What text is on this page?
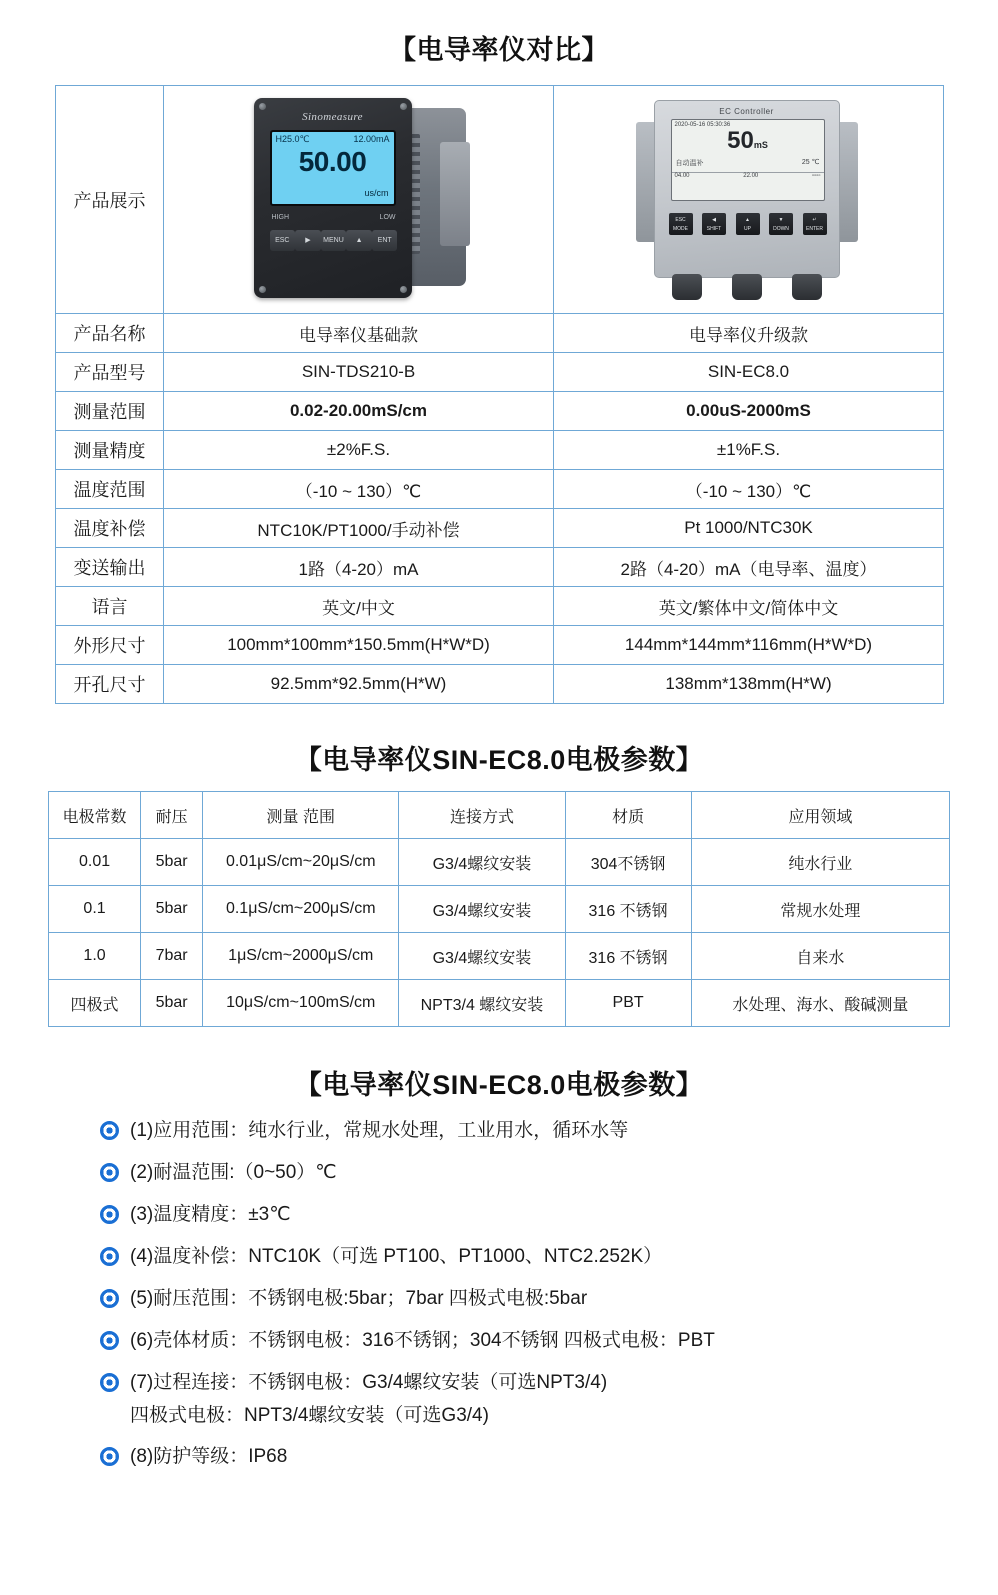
【电导率仪对比】
产品展示	
Sinomeasure
H25.0℃	12.00mA
50.00
us/cm
HIGH	LOW
ESC	▶	MENU	▲	ENT

EC Controller
2020-05-16 05:30:36
50mS
自动温补	25 ℃
04.00	22.00	▫▫▫▫
ESC
MODE
◀
SHIFT
▲
UP
▼
DOWN
↵
ENTER

产品名称	电导率仪基础款	电导率仪升级款
产品型号	SIN-TDS210-B	SIN-EC8.0
测量范围	0.02-20.00mS/cm	0.00uS-2000mS
测量精度	±2%F.S.	±1%F.S.
温度范围	（-10 ~ 130）℃	（-10 ~ 130）℃
温度补偿	NTC10K/PT1000/手动补偿	Pt 1000/NTC30K
变送输出	1路（4-20）mA	2路（4-20）mA（电导率、温度）
语言	英文/中文	英文/繁体中文/简体中文
外形尺寸	100mm*100mm*150.5mm(H*W*D)	144mm*144mm*116mm(H*W*D)
开孔尺寸	92.5mm*92.5mm(H*W)	138mm*138mm(H*W)
【电导率仪SIN-EC8.0电极参数】
电极常数	耐压	测量 范围	连接方式	材质	应用领域
0.01	5bar	0.01μS/cm~20μS/cm	G3/4螺纹安装	304不锈钢	纯水行业
0.1	5bar	0.1μS/cm~200μS/cm	G3/4螺纹安装	316 不锈钢	常规水处理
1.0	7bar	1μS/cm~2000μS/cm	G3/4螺纹安装	316 不锈钢	自来水
四极式	5bar	10μS/cm~100mS/cm	NPT3/4 螺纹安装	PBT	水处理、海水、酸碱测量
【电导率仪SIN-EC8.0电极参数】
(1)应用范围：纯水行业，常规水处理，工业用水，循环水等
(2)耐温范围:（0~50）℃
(3)温度精度：±3℃
(4)温度补偿：NTC10K（可选 PT100、PT1000、NTC2.252K）
(5)耐压范围：不锈钢电极:5bar；7bar 四极式电极:5bar
(6)壳体材质：不锈钢电极：316不锈钢；304不锈钢 四极式电极：PBT
(7)过程连接：不锈钢电极：G3/4螺纹安装（可选NPT3/4)
四极式电极：NPT3/4螺纹安装（可选G3/4)
(8)防护等级：IP68
